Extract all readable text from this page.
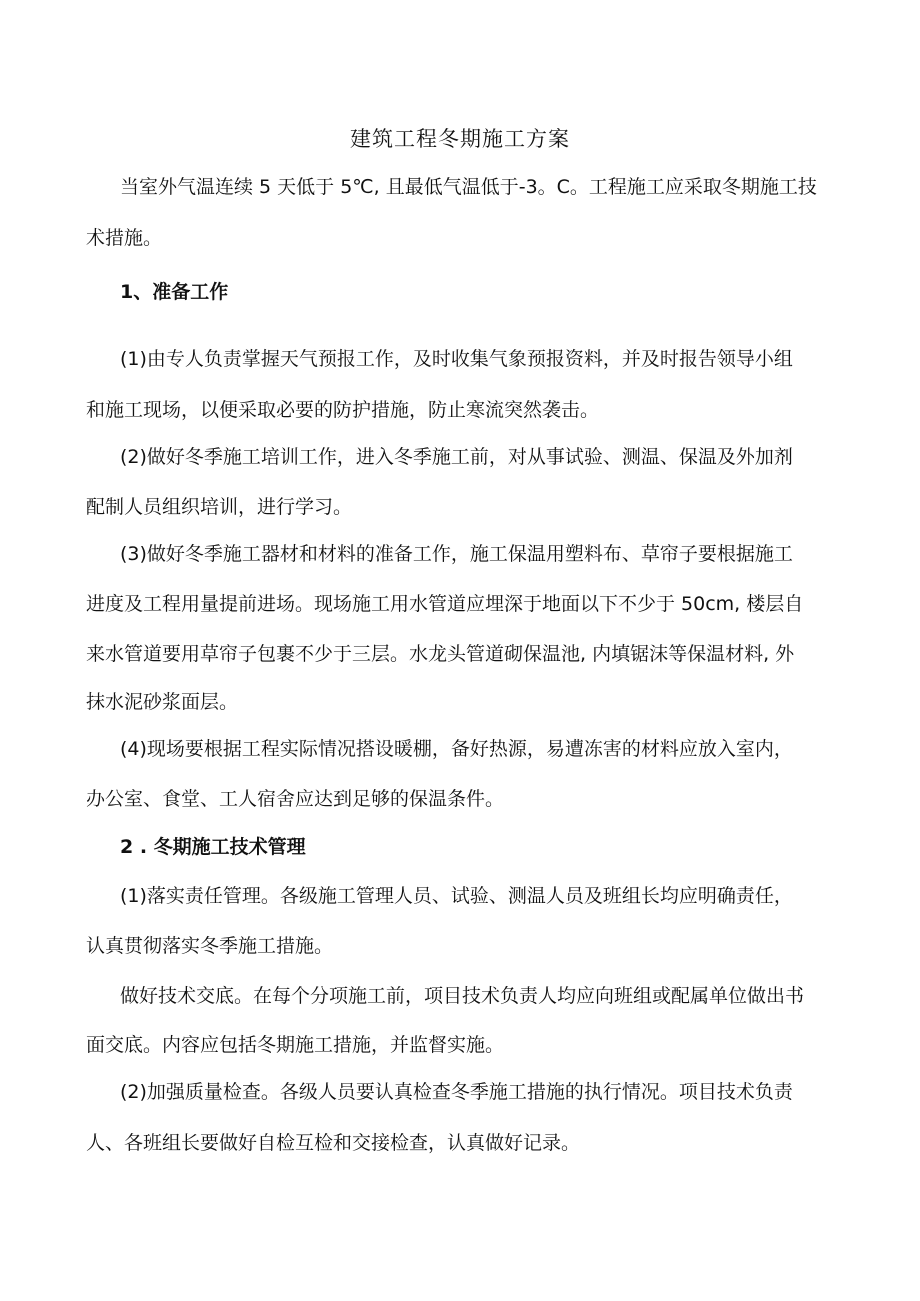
建筑工程冬期施工方案
当室外气温连续 5 天低于 5℃, 且最低气温低于-3。C。工程施工应采取冬期施工技
术措施。
1、准备工作
(1)由专人负责掌握天气预报工作，及时收集气象预报资料，并及时报告领导小组
和施工现场，以便采取必要的防护措施，防止寒流突然袭击。
(2)做好冬季施工培训工作，进入冬季施工前，对从事试验、测温、保温及外加剂
配制人员组织培训，进行学习。
(3)做好冬季施工器材和材料的准备工作，施工保温用塑料布、草帘子要根据施工
进度及工程用量提前进场。现场施工用水管道应埋深于地面以下不少于 50cm, 楼层自
来水管道要用草帘子包裹不少于三层。水龙头管道砌保温池, 内填锯沫等保温材料, 外
抹水泥砂浆面层。
(4)现场要根据工程实际情况搭设暖棚，备好热源，易遭冻害的材料应放入室内，
办公室、食堂、工人宿舍应达到足够的保温条件。
2 . 冬期施工技术管理
(1)落实责任管理。各级施工管理人员、试验、测温人员及班组长均应明确责任，
认真贯彻落实冬季施工措施。
做好技术交底。在每个分项施工前，项目技术负责人均应向班组或配属单位做出书
面交底。内容应包括冬期施工措施，并监督实施。
(2)加强质量检查。各级人员要认真检查冬季施工措施的执行情况。项目技术负责
人、各班组长要做好自检互检和交接检查，认真做好记录。
